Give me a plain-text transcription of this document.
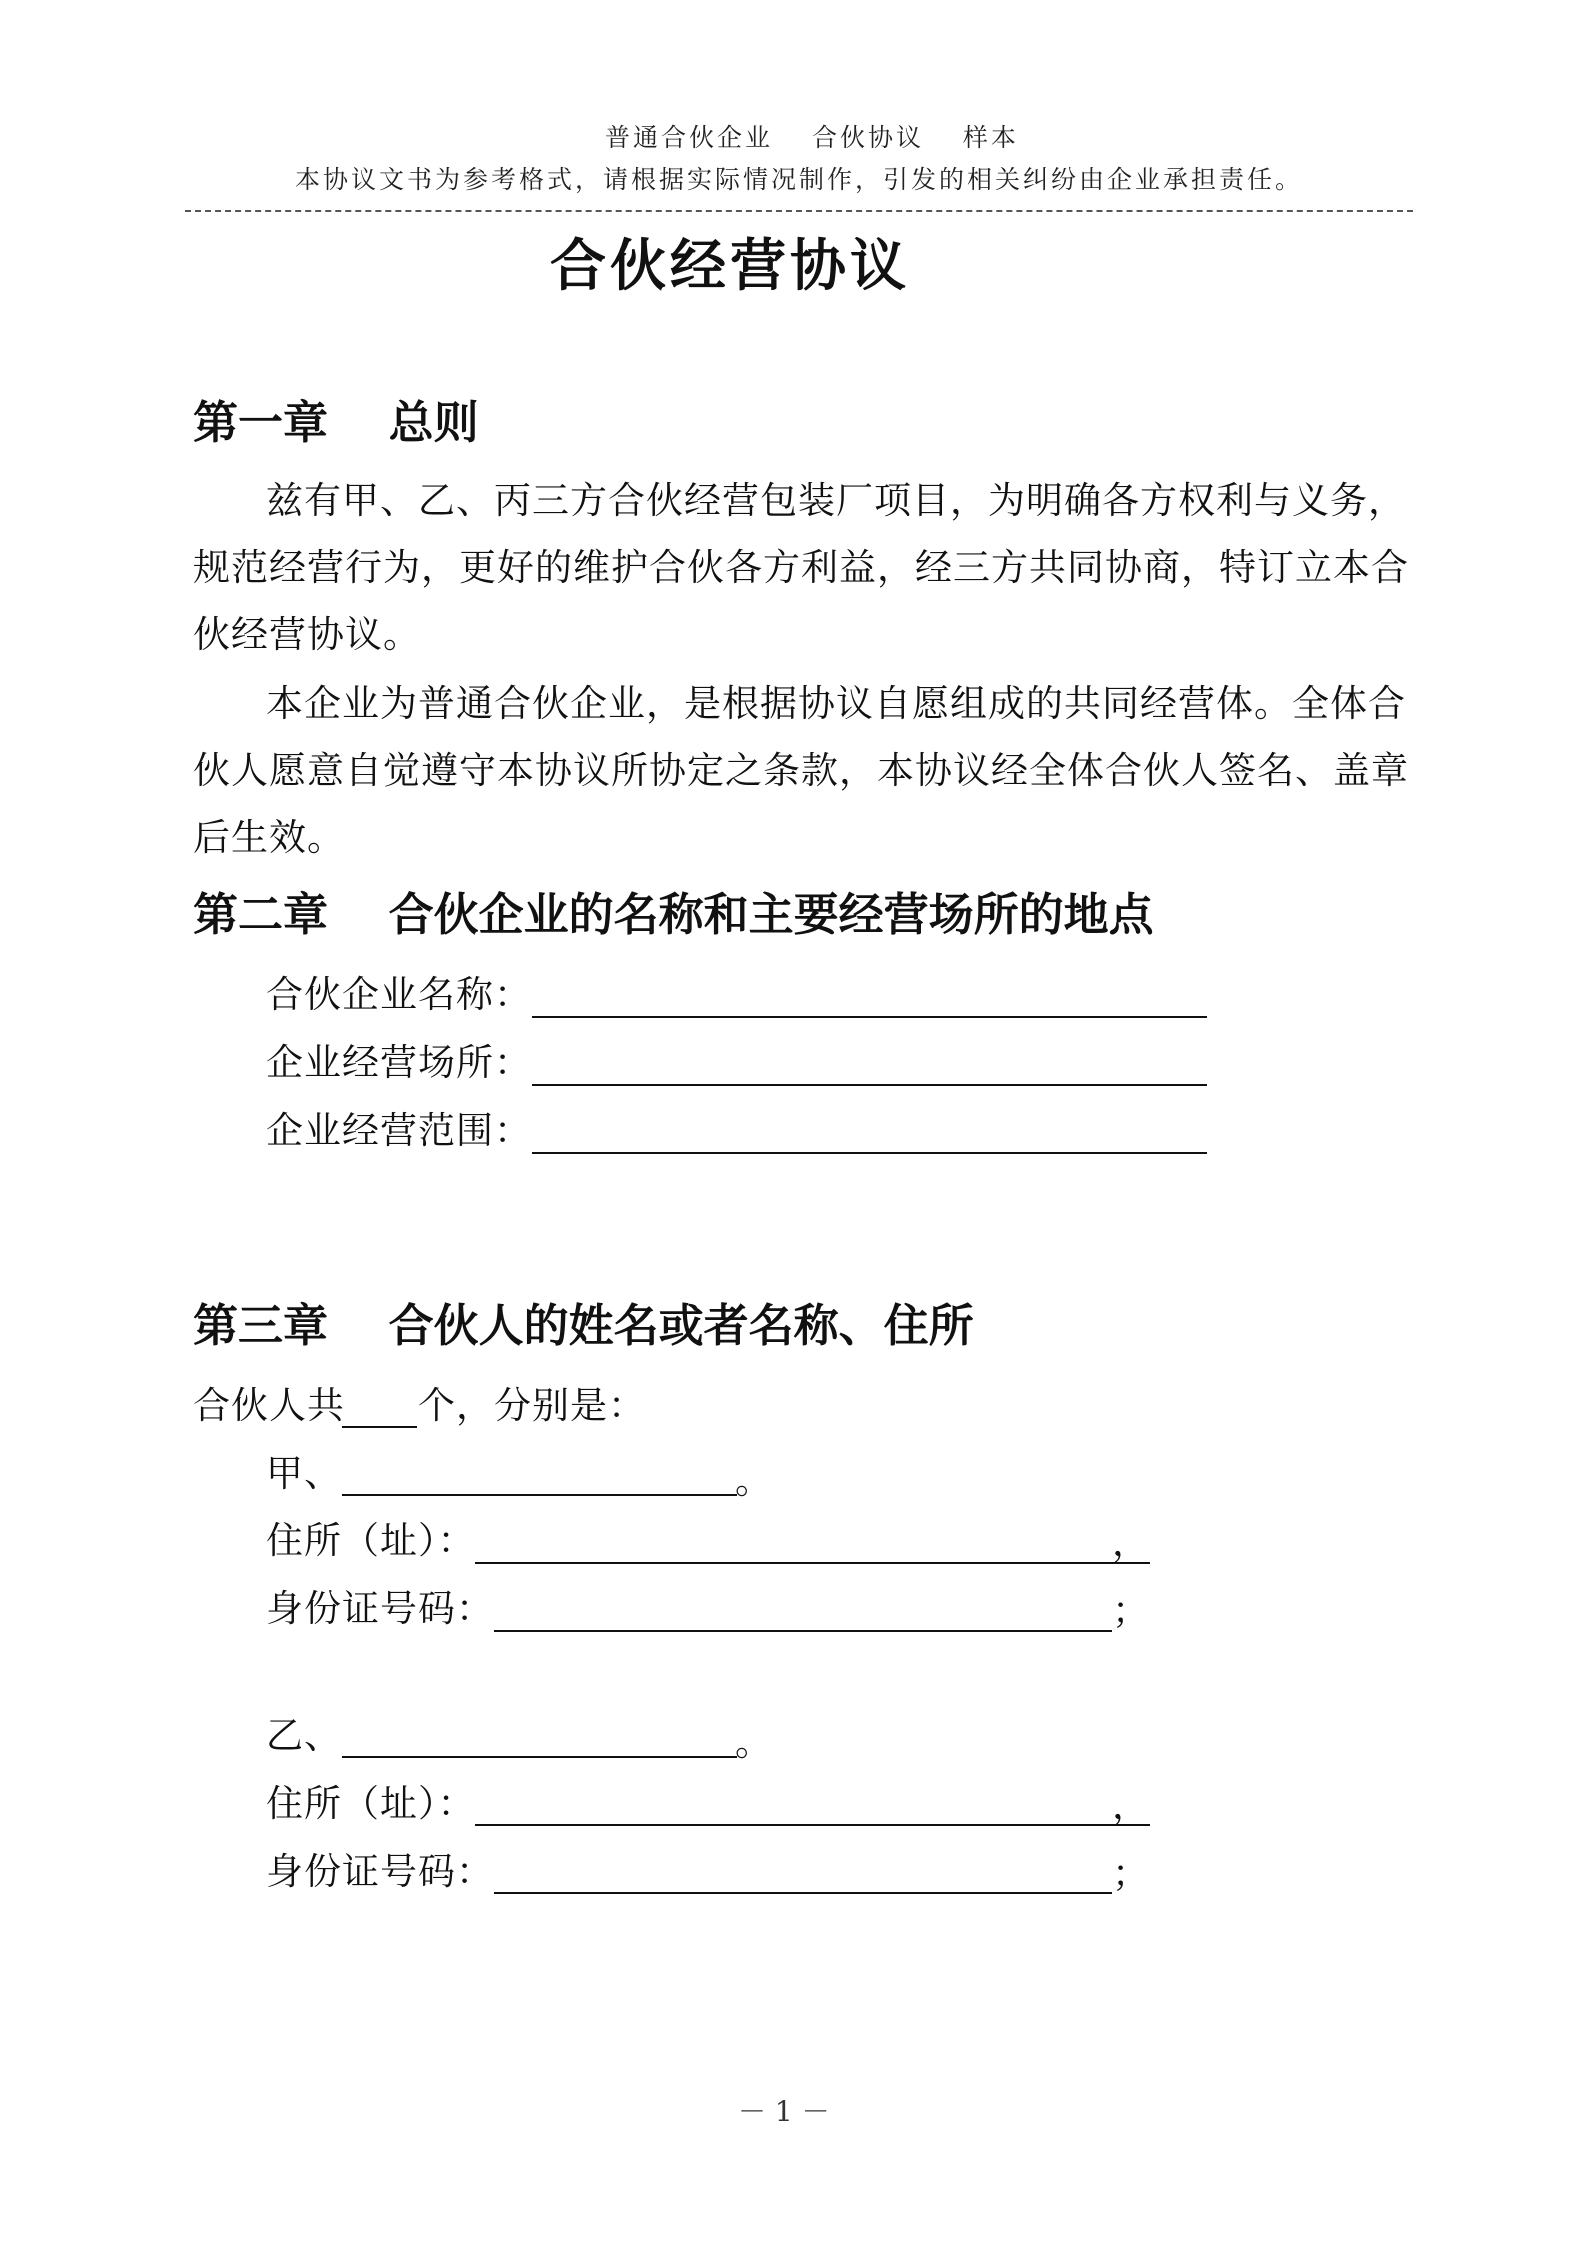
普通合伙企业　 合伙协议　 样本
本协议文书为参考格式，请根据实际情况制作，引发的相关纠纷由企业承担责任。
合伙经营协议
第一章　 总则
兹有甲、乙、丙三方合伙经营包装厂项目，为明确各方权利与义务，
规范经营行为，更好的维护合伙各方利益，经三方共同协商，特订立本合
伙经营协议。
本企业为普通合伙企业，是根据协议自愿组成的共同经营体。全体合
伙人愿意自觉遵守本协议所协定之条款，本协议经全体合伙人签名、盖章
后生效。
第二章　 合伙企业的名称和主要经营场所的地点
合伙企业名称：
企业经营场所：
企业经营范围：
第三章　 合伙人的姓名或者名称、住所
合伙人共 个，分别是：
甲、	。
住所（址）：	，
身份证号码：	；
乙、	。
住所（址）：	，
身份证号码：	；
－ 1 －
